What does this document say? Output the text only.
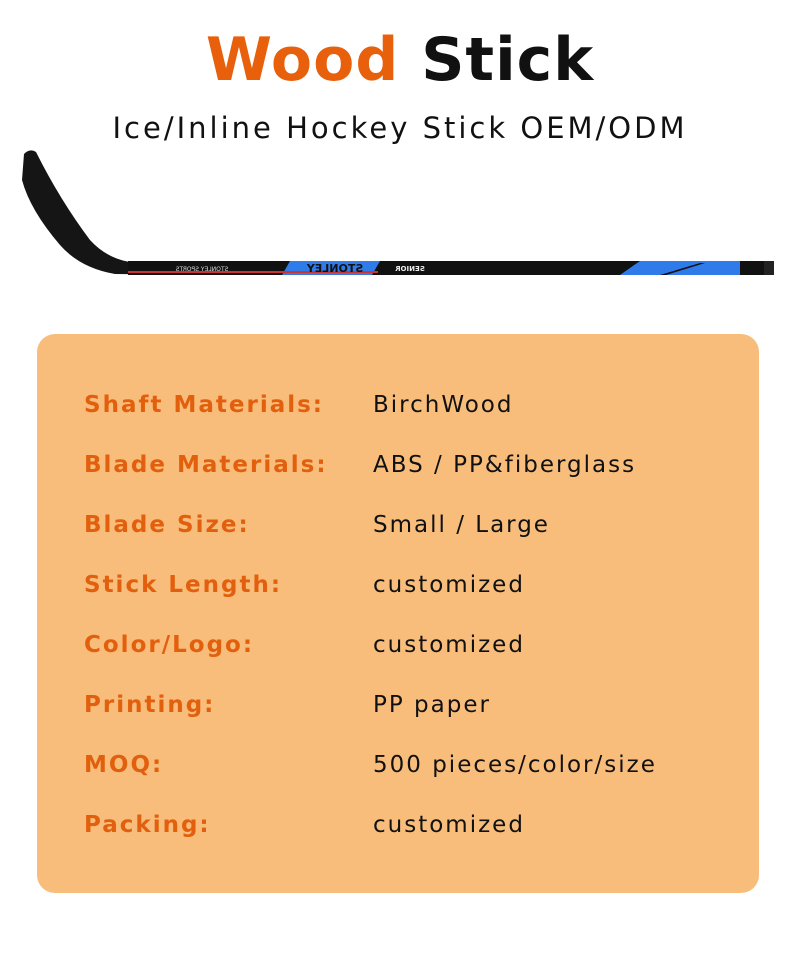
Wood Stick
Ice/Inline Hockey Stick OEM/ODM
STONLEY
STONLEY SPORTS	SENIOR
Shaft Materials: BirchWood
Blade Materials: ABS / PP&fiberglass
Blade Size:	Small / Large
Stick Length:	customized
Color/Logo:	customized
Printing:	PP paper
MOQ:	500 pieces/color/size
Packing:	customized
